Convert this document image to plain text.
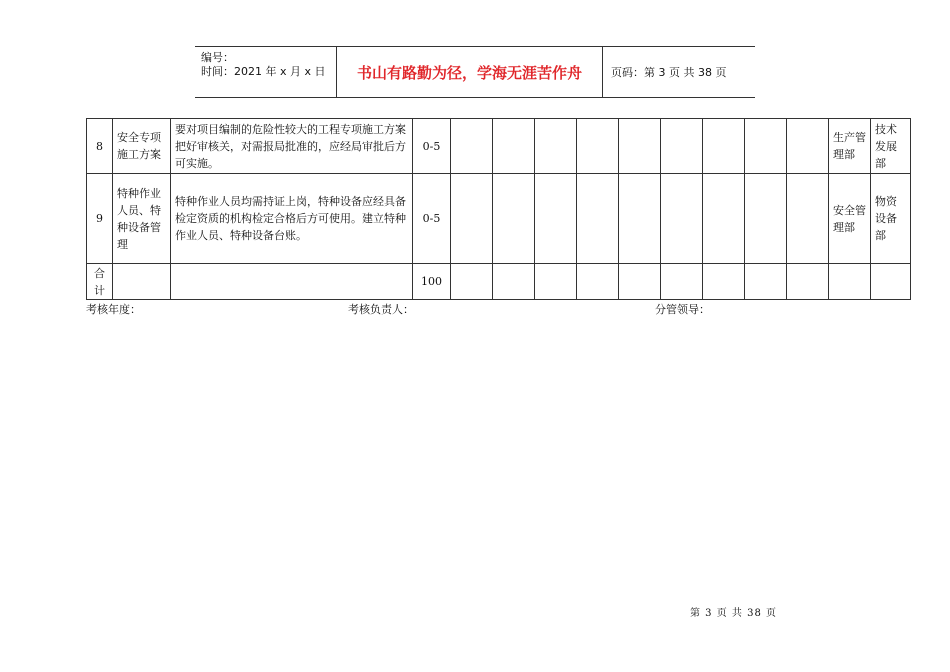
编号：
时间：2021 年 x 月 x 日	书山有路勤为径，学海无涯苦作舟	页码：第 3 页 共 38 页
8	安全专项施工方案	要对项目编制的危险性较大的工程专项施工方案把好审核关，对需报局批准的，应经局审批后方可实施。	0-5										生产管理部	技术发展部
9	特种作业人员、特种设备管理	特种作业人员均需持证上岗，特种设备应经具备检定资质的机构检定合格后方可使用。建立特种作业人员、特种设备台账。	0-5										安全管理部	物资设备部
合计			100											
考核年度：	考核负责人：	分管领导：
第 3 页 共 38 页
